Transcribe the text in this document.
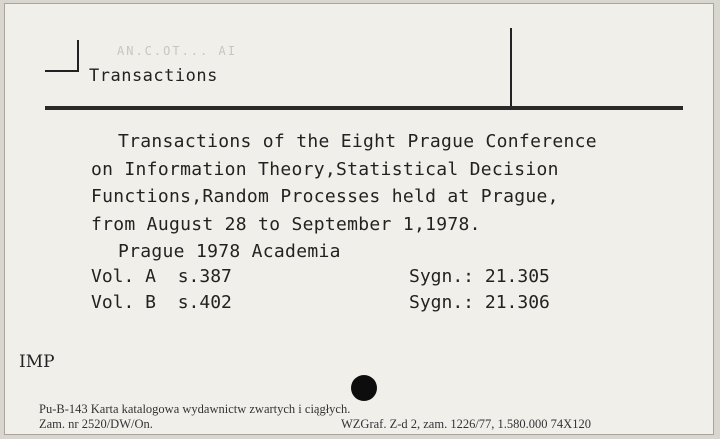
AN.C.OT... AI
Transactions
Transactions of the Eight Prague Conference
on Information Theory,Statistical Decision
Functions,Random Processes held at Prague,
from August 28 to September 1,1978.
Prague 1978 Academia
Vol. A  s.387	Sygn.: 21.305
Vol. B  s.402	Sygn.: 21.306
IMP
Pu-B-143 Karta katalogowa wydawnictw zwartych i ciągłych.
Zam. nr 2520/DW/On.	WZGraf. Z-d 2, zam. 1226/77, 1.580.000 74X120
